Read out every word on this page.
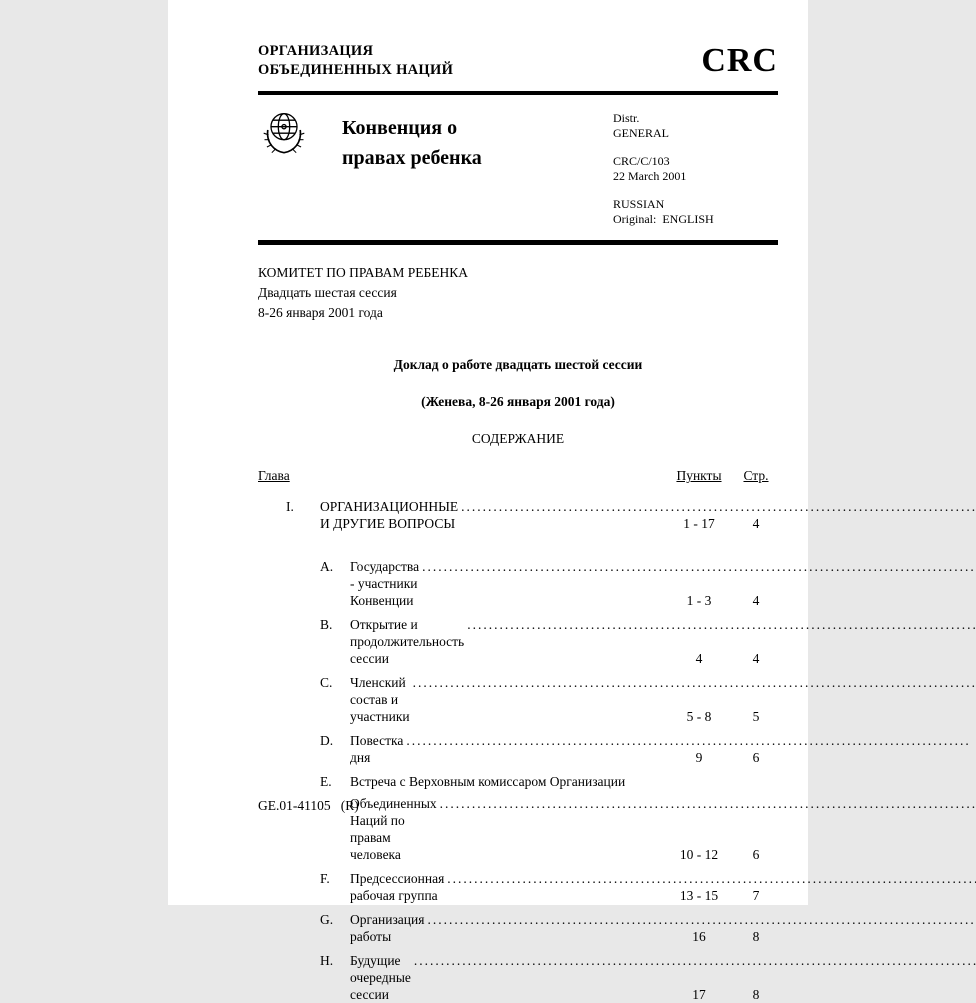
ОРГАНИЗАЦИЯ
ОБЪЕДИНЕННЫХ НАЦИЙ	CRC
Конвенция о
правах ребенка
Distr.
GENERAL
CRC/C/103
22 March 2001
RUSSIAN
Original:  ENGLISH
КОМИТЕТ ПО ПРАВАМ РЕБЕНКА
Двадцать шестая сессия
8-26 января 2001 года
Доклад о работе двадцать шестой сессии
(Женева, 8-26 января 2001 года)
СОДЕРЖАНИЕ
Глава	Пункты	Стр.
I.	ОРГАНИЗАЦИОННЫЕ И ДРУГИЕ ВОПРОСЫ .....	1 - 17	4
A.	Государства - участники Конвенции .....	1 - 3	4
B.	Открытие и продолжительность сессии .....	4	4
C.	Членский состав и участники .....	5 - 8	5
D.	Повестка дня .....	9	6
E.	Встреча с Верховным комиссаром Организации
Объединенных Наций по правам человека .....	10 - 12	6
F.	Предсессионная рабочая группа .....	13 - 15	7
G.	Организация работы .....	16	8
H.	Будущие очередные сессии .....	17	8
GE.01-41105   (R)
